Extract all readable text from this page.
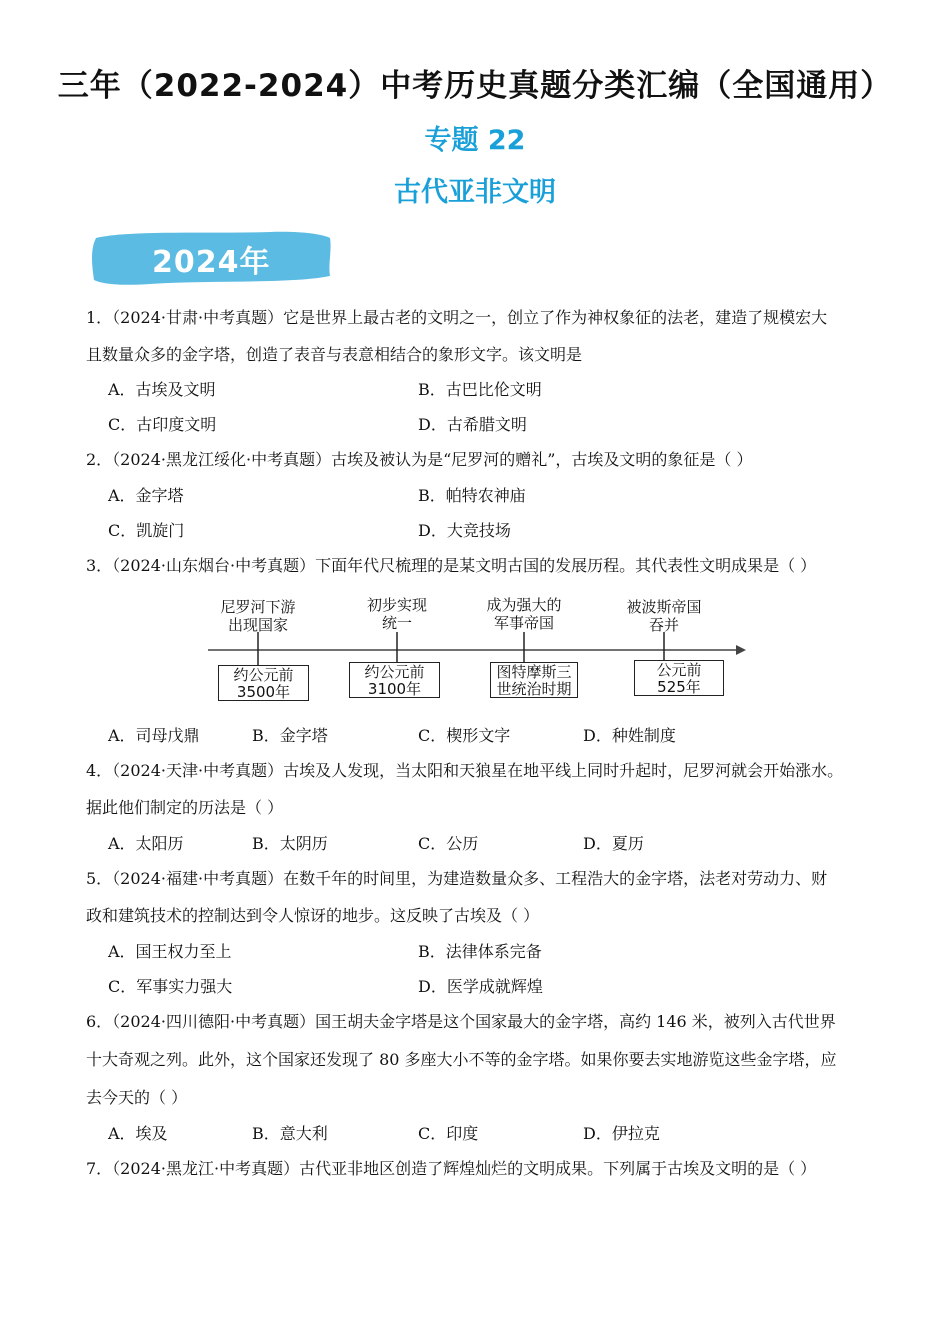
三年（2022-2024）中考历史真题分类汇编（全国通用）
专题 22
古代亚非文明
2024年
1．（2024·甘肃·中考真题）它是世界上最古老的文明之一，创立了作为神权象征的法老，建造了规模宏大
且数量众多的金字塔，创造了表音与表意相结合的象形文字。该文明是
A．古埃及文明	B．古巴比伦文明
C．古印度文明	D．古希腊文明
2．（2024·黑龙江绥化·中考真题）古埃及被认为是“尼罗河的赠礼”，古埃及文明的象征是（ ）
A．金字塔	B．帕特农神庙
C．凯旋门	D．大竞技场
3．（2024·山东烟台·中考真题）下面年代尺梳理的是某文明古国的发展历程。其代表性文明成果是（ ）
尼罗河下游
出现国家
初步实现
统一
成为强大的
军事帝国
被波斯帝国
吞并
约公元前
3500年
约公元前
3100年
图特摩斯三
世统治时期
公元前
525年
A．司母戊鼎	B．金字塔	C．楔形文字	D．种姓制度
4．（2024·天津·中考真题）古埃及人发现，当太阳和天狼星在地平线上同时升起时，尼罗河就会开始涨水。
据此他们制定的历法是（ ）
A．太阳历	B．太阴历	C．公历	D．夏历
5．（2024·福建·中考真题）在数千年的时间里，为建造数量众多、工程浩大的金字塔，法老对劳动力、财
政和建筑技术的控制达到令人惊讶的地步。这反映了古埃及（ ）
A．国王权力至上	B．法律体系完备
C．军事实力强大	D．医学成就辉煌
6．（2024·四川德阳·中考真题）国王胡夫金字塔是这个国家最大的金字塔，高约 146 米，被列入古代世界
十大奇观之列。此外，这个国家还发现了 80 多座大小不等的金字塔。如果你要去实地游览这些金字塔，应
去今天的（ ）
A．埃及	B．意大利	C．印度	D．伊拉克
7．（2024·黑龙江·中考真题）古代亚非地区创造了辉煌灿烂的文明成果。下列属于古埃及文明的是（ ）
